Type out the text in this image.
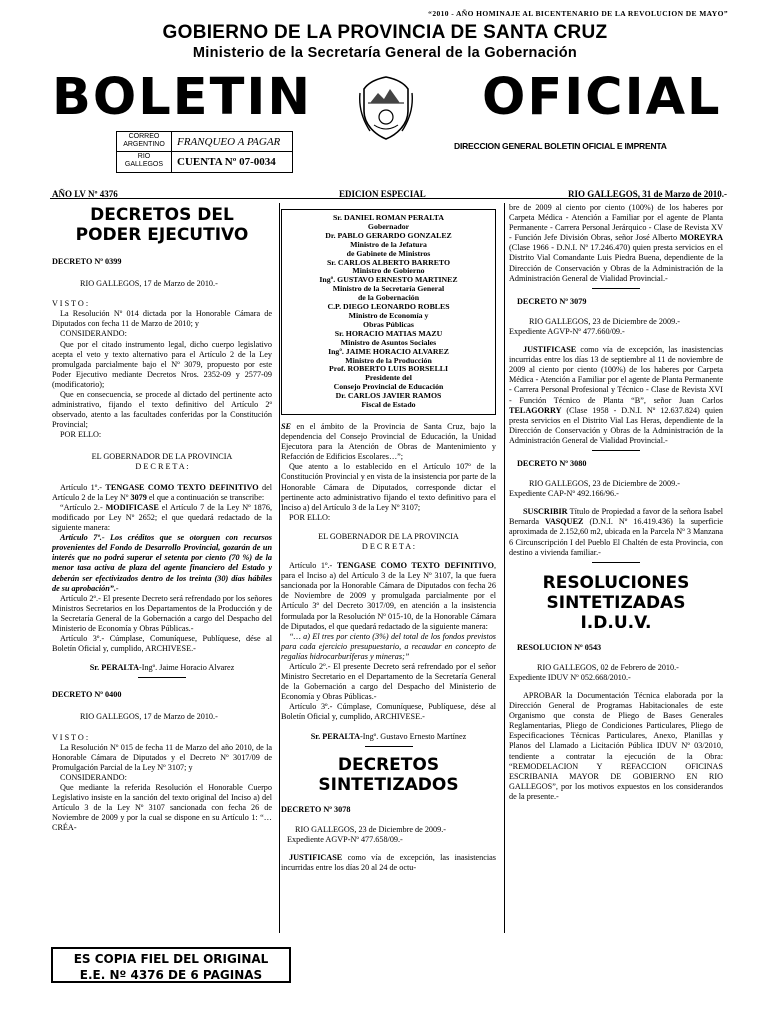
“2010 - AÑO HOMINAJE AL BICENTENARIO DE LA REVOLUCION DE MAYO”
GOBIERNO DE LA PROVINCIA DE SANTA CRUZ
Ministerio de la Secretaría General de la Gobernación
BOLETIN	OFICIAL
CORREO
ARGENTINO
RIO
GALLEGOS
FRANQUEO A PAGAR
CUENTA Nº 07-0034
DIRECCION GENERAL BOLETIN OFICIAL E IMPRENTA
AÑO LV Nº 4376	EDICION ESPECIAL	RIO GALLEGOS, 31 de Marzo de 2010.-
DECRETOS DEL
PODER EJECUTIVO

DECRETO Nº 0399

RIO GALLEGOS, 17 de Marzo de 2010.-

V I S T O :

La Resolución Nº 014 dictada por la Honorable Cámara de Diputados con fecha 11 de Marzo de 2010; y

CONSIDERANDO:

Que por el citado instrumento legal, dicho cuerpo legislativo acepta el veto y texto alternativo para el Artículo 2 de la Ley promulgada parcialmente bajo el Nº 3079, propuesto por este Poder Ejecutivo mediante Decretos Nros. 2352-09 y 2577-09 (modificatorio);

Que en consecuencia, se procede al dictado del pertinente acto administrativo, fijando el texto definitivo del Artículo 2º observado, atento a las facultades conferidas por la Constitución Provincial;

POR ELLO:

EL GOBERNADOR DE LA PROVINCIA

D E C R E T A :

Artículo 1º.- TENGASE COMO TEXTO DEFINITIVO del Artículo 2 de la Ley Nº 3079 el que a continuación se transcribe:

“Artículo 2.- MODIFICASE el Artículo 7 de la Ley Nº 1876, modificado por Ley Nº 2652; el que quedará redactado de la siguiente manera:

Artículo 7º.- Los créditos que se otorguen con recursos provenientes del Fondo de Desarrollo Provincial, gozarán de un interés que no podrá superar el setenta por ciento (70 %) de la menor tasa activa de plaza del agente financiero del Estado y deberán ser efectivizados dentro de los treinta (30) días hábiles de su aprobación”.-

Artículo 2º.- El presente Decreto será refrendado por los señores Ministros Secretarios en los Departamentos de la Producción y de la Secretaría General de la Gobernación a cargo del Despacho del Ministerio de Economía y Obras Públicas.-

Artículo 3º.- Cúmplase, Comuníquese, Publíquese, dése al Boletín Oficial y, cumplido, ARCHIVESE.-

Sr. PERALTA-Ingº. Jaime Horacio Alvarez

DECRETO Nº 0400

RIO GALLEGOS, 17 de Marzo de 2010.-

V I S T O :

La Resolución Nº 015 de fecha 11 de Marzo del año 2010, de la Honorable Cámara de Diputados y el Decreto Nº 3017/09 de Promulgación Parcial de la Ley Nº 3107; y

CONSIDERANDO:

Que mediante la referida Resolución el Honorable Cuerpo Legislativo insiste en la sanción del texto original del Inciso a) del Artículo 3 de la Ley Nº 3107 sancionada con fecha 26 de Noviembre de 2009 y por la cual se dispone en su Artículo 1: “… CRÉA-

ES COPIA FIEL DEL ORIGINAL
E.E. Nº 4376 DE 6 PAGINAS
Sr. DANIEL ROMAN PERALTA
Gobernador
Dr. PABLO GERARDO GONZALEZ
Ministro de la Jefatura
de Gabinete de Ministros
Sr. CARLOS ALBERTO BARRETO
Ministro de Gobierno
Ingº. GUSTAVO ERNESTO MARTINEZ
Ministro de la Secretaría General
de la Gobernación
C.P. DIEGO LEONARDO ROBLES
Ministro de Economía y
Obras Públicas
Sr. HORACIO MATIAS MAZU
Ministro de Asuntos Sociales
Ingº. JAIME HORACIO ALVAREZ
Ministro de la Producción
Prof. ROBERTO LUIS BORSELLI
Presidente del
Consejo Provincial de Educación
Dr. CARLOS JAVIER RAMOS
Fiscal de Estado

SE en el ámbito de la Provincia de Santa Cruz, bajo la dependencia del Consejo Provincial de Educación, la Unidad Ejecutora para la Atención de Obras de Mantenimiento y Refacción de Edificios Escolares…”;

Que atento a lo establecido en el Artículo 107º de la Constitución Provincial y en vista de la insistencia por parte de la Honorable Cámara de Diputados, corresponde dictar el pertinente acto administrativo fijando el texto definitivo para el Inciso a) del Artículo 3 de la Ley Nº 3107;

POR ELLO:

EL GOBERNADOR DE LA PROVINCIA

D E C R E T A :

Artículo 1º.- TENGASE COMO TEXTO DEFINITIVO, para el Inciso a) del Artículo 3 de la Ley Nº 3107, la que fuera sancionada por la Honorable Cámara de Diputados con fecha 26 de Noviembre de 2009 y promulgada parcialmente por el Artículo 3º del Decreto 3017/09, en atención a la insistencia formulada por la Resolución Nº 015-10, de la Honorable Cámara de Diputados, el que quedará redactado de la siguiente manera:

“… a) El tres por ciento (3%) del total de los fondos previstos para cada ejercicio presupuestario, a recaudar en concepto de regalías hidrocarburíferas y mineras;”

Artículo 2º.- El presente Decreto será refrendado por el señor Ministro Secretario en el Departamento de la Secretaría General de la Gobernación a cargo del Despacho del Ministerio de Economía y Obras Públicas.-

Artículo 3º.- Cúmplase, Comuníquese, Publíquese, dése al Boletín Oficial y, cumplido, ARCHIVESE.-

Sr. PERALTA-Ingº. Gustavo Ernesto Martínez

DECRETOS
SINTETIZADOS

DECRETO Nº 3078

RIO GALLEGOS, 23 de Diciembre de 2009.-

Expediente AGVP-Nº 477.658/09.-

JUSTIFICASE como vía de excepción, las inasistencias incurridas entre los días 20 al 24 de octu-

bre de 2009 al ciento por ciento (100%) de los haberes por Carpeta Médica - Atención a Familiar por el agente de Planta Permanente - Carrera Personal Jerárquico - Clase de Revista XV - Función Jefe División Obras, señor José Alberto MOREYRA (Clase 1966 - D.N.I. Nº 17.246.470) quien presta servicios en el Distrito Vial Comandante Luis Piedra Buena, dependiente de la Dirección de Conservación y Obras de la Administración de la Administración General de Vialidad Provincial.-

DECRETO Nº 3079

RIO GALLEGOS, 23 de Diciembre de 2009.-

Expediente AGVP-Nº 477.660/09.-

JUSTIFICASE como vía de excepción, las inasistencias incurridas entre los días 13 de septiembre al 11 de noviembre de 2009 al ciento por ciento (100%) de los haberes por Carpeta Médica - Atención a Familiar por el agente de Planta Permanente - Carrera Personal Profesional y Técnico - Clase de Revista XVI - Función Técnico de Planta “B”, señor Juan Carlos TELAGORRY (Clase 1958 - D.N.I. Nº 12.637.824) quien presta servicios en el Distrito Vial Las Heras, dependiente de la Dirección de Conservación y Obras de la Administración de la Administración General de Vialidad Provincial.-

DECRETO Nº 3080

RIO GALLEGOS, 23 de Diciembre de 2009.-

Expediente CAP-Nº 492.166/96.-

SUSCRIBIR Título de Propiedad a favor de la señora Isabel Bernarda VASQUEZ (D.N.I. Nº 16.419.436) la superficie aproximada de 2.152,60 m2, ubicada en la Parcela Nº 3 Manzana 6 Circunscripción I del Pueblo El Chaltén de esta Provincia, con destino a vivienda familiar.-

RESOLUCIONES
SINTETIZADAS
I.D.U.V.

RESOLUCION Nº 0543

RIO GALLEGOS, 02 de Febrero de 2010.-

Expediente IDUV Nº 052.668/2010.-

APROBAR la Documentación Técnica elaborada por la Dirección General de Programas Habitacionales de este Organismo que consta de Pliego de Bases Generales Reglamentarias, Pliego de Condiciones Particulares, Pliego de Especificaciones Técnicas Particulares, Anexo, Planillas y Planos del Llamado a Licitación Pública IDUV Nº 03/2010, tendiente a contratar la ejecución de la Obra: “REMODELACION Y REFACCION OFICINAS ESCRIBANIA MAYOR DE GOBIERNO EN RIO GALLEGOS”, por los motivos expuestos en los considerandos de la presente.-
